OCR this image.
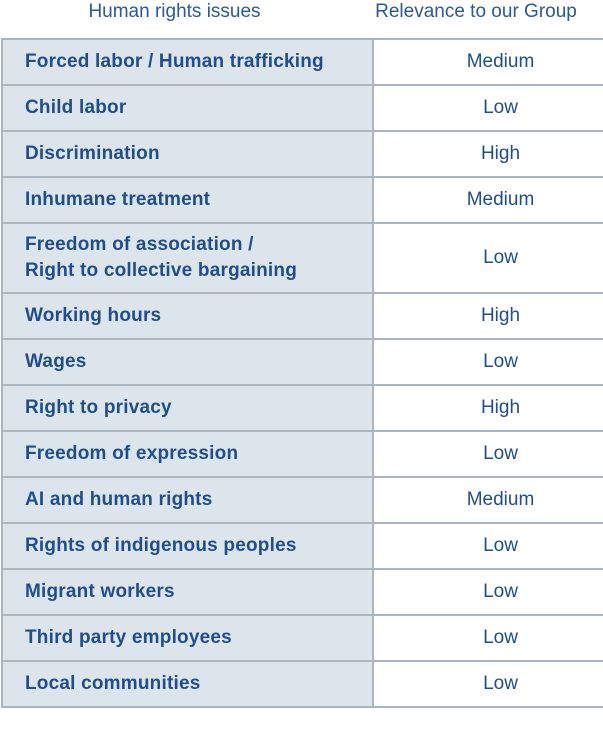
Human rights issues	Relevance to our Group
Forced labor / Human trafficking	Medium
Child labor	Low
Discrimination	High
Inhumane treatment	Medium

Freedom of association /
Right to collective bargaining	Low
Working hours	High
Wages	Low
Right to privacy	High
Freedom of expression	Low
AI and human rights	Medium
Rights of indigenous peoples	Low
Migrant workers	Low
Third party employees	Low
Local communities	Low
